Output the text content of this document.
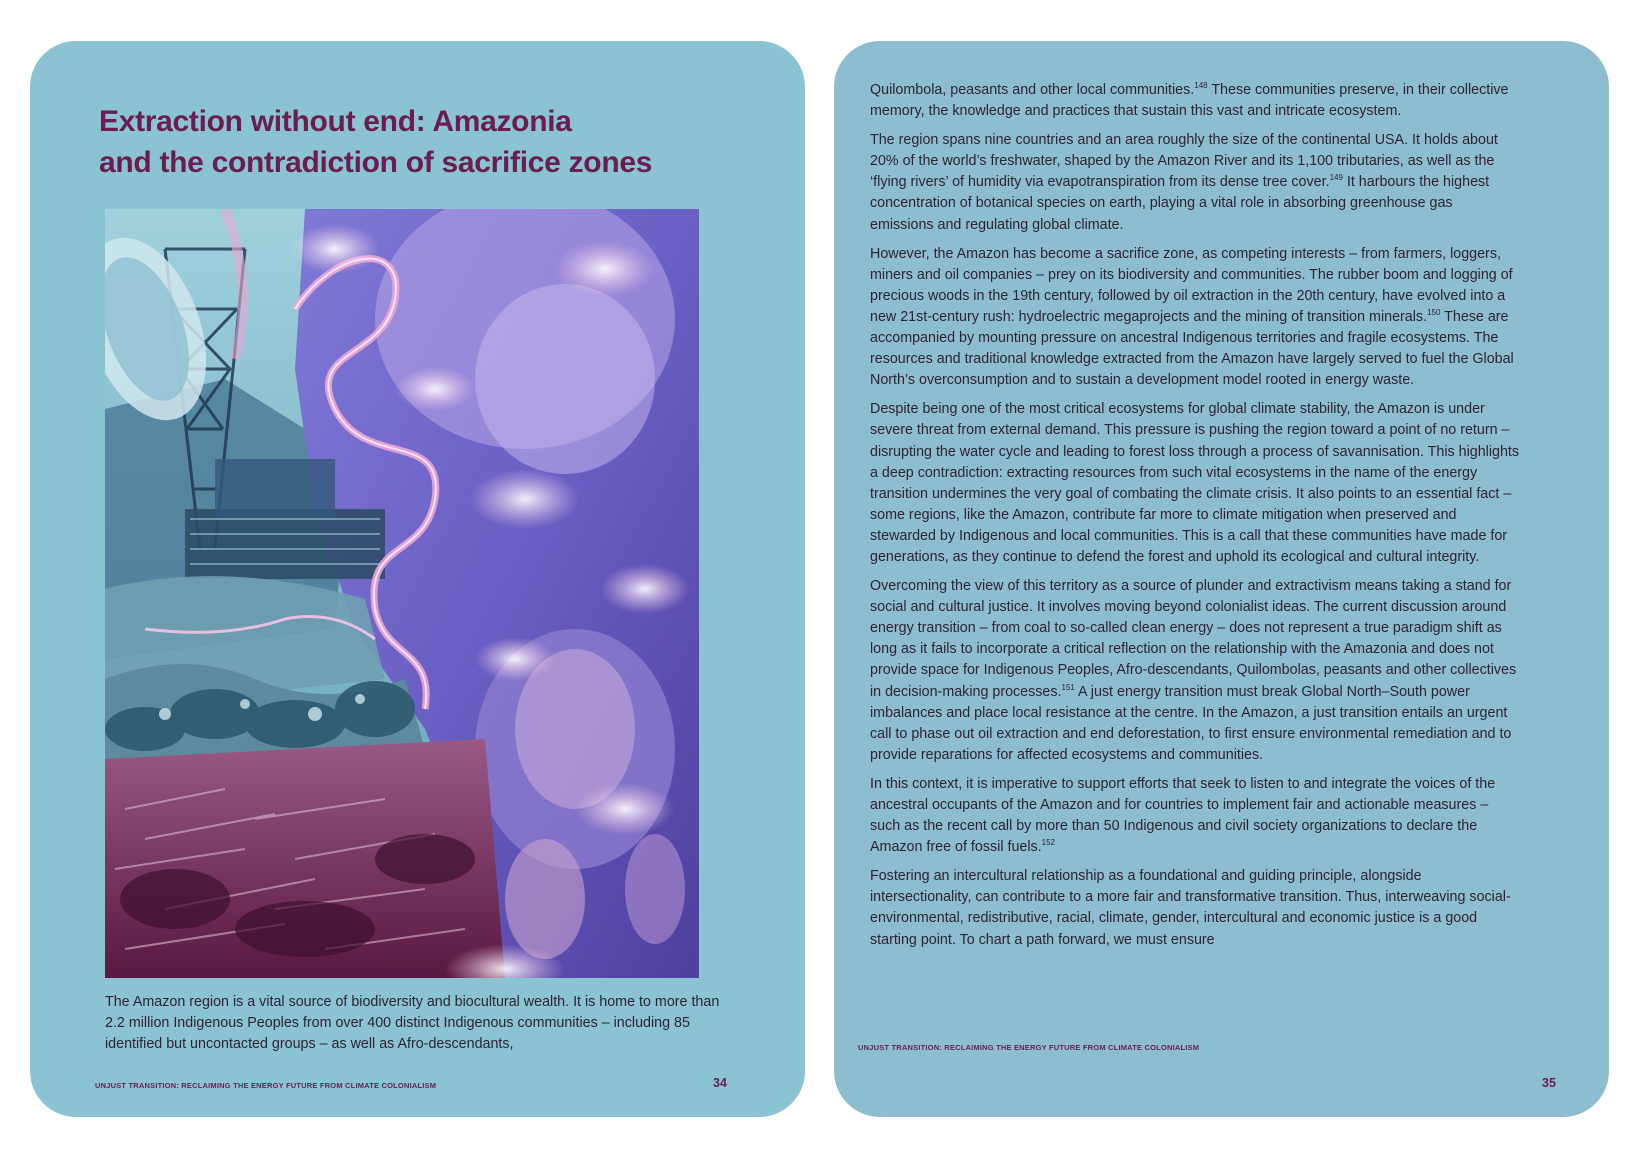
Extraction without end: Amazonia
and the contradiction of sacrifice zones

The Amazon region is a vital source of biodiversity and biocultural wealth. It is home to more than 2.2 million Indigenous Peoples from over 400 distinct Indigenous communities – including 85 identified but uncontacted groups – as well as Afro-descendants,

UNJUST TRANSITION: RECLAIMING THE ENERGY FUTURE FROM CLIMATE COLONIALISM	34

Quilombola, peasants and other local communities.$^{148}$ These communities preserve, in their collective memory, the knowledge and practices that sustain this vast and intricate ecosystem.

The region spans nine countries and an area roughly the size of the continental USA. It holds about 20% of the world’s freshwater, shaped by the Amazon River and its 1,100 tributaries, as well as the ‘flying rivers’ of humidity via evapotranspiration from its dense tree cover.$^{149}$ It harbours the highest concentration of botanical species on earth, playing a vital role in absorbing greenhouse gas emissions and regulating global climate.

However, the Amazon has become a sacrifice zone, as competing interests – from farmers, loggers, miners and oil companies – prey on its biodiversity and communities. The rubber boom and logging of precious woods in the 19th century, followed by oil extraction in the 20th century, have evolved into a new 21st-century rush: hydroelectric megaprojects and the mining of transition minerals.$^{150}$ These are accompanied by mounting pressure on ancestral Indigenous territories and fragile ecosystems. The resources and traditional knowledge extracted from the Amazon have largely served to fuel the Global North’s overconsumption and to sustain a development model rooted in energy waste.

Despite being one of the most critical ecosystems for global climate stability, the Amazon is under severe threat from external demand. This pressure is pushing the region toward a point of no return – disrupting the water cycle and leading to forest loss through a process of savannisation. This highlights a deep contradiction: extracting resources from such vital ecosystems in the name of the energy transition undermines the very goal of combating the climate crisis. It also points to an essential fact – some regions, like the Amazon, contribute far more to climate mitigation when preserved and stewarded by Indigenous and local communities. This is a call that these communities have made for generations, as they continue to defend the forest and uphold its ecological and cultural integrity.

Overcoming the view of this territory as a source of plunder and extractivism means taking a stand for social and cultural justice. It involves moving beyond colonialist ideas. The current discussion around energy transition – from coal to so-called clean energy – does not represent a true paradigm shift as long as it fails to incorporate a critical reflection on the relationship with the Amazonia and does not provide space for Indigenous Peoples, Afro-descendants, Quilombolas, peasants and other collectives in decision-making processes.$^{151}$ A just energy transition must break Global North–South power imbalances and place local resistance at the centre. In the Amazon, a just transition entails an urgent call to phase out oil extraction and end deforestation, to first ensure environmental remediation and to provide reparations for affected ecosystems and communities.

In this context, it is imperative to support efforts that seek to listen to and integrate the voices of the ancestral occupants of the Amazon and for countries to implement fair and actionable measures – such as the recent call by more than 50 Indigenous and civil society organizations to declare the Amazon free of fossil fuels.$^{152}$

Fostering an intercultural relationship as a foundational and guiding principle, alongside intersectionality, can contribute to a more fair and transformative transition. Thus, interweaving social-environmental, redistributive, racial, climate, gender, intercultural and economic justice is a good starting point. To chart a path forward, we must ensure

UNJUST TRANSITION: RECLAIMING THE ENERGY FUTURE FROM CLIMATE COLONIALISM
35
